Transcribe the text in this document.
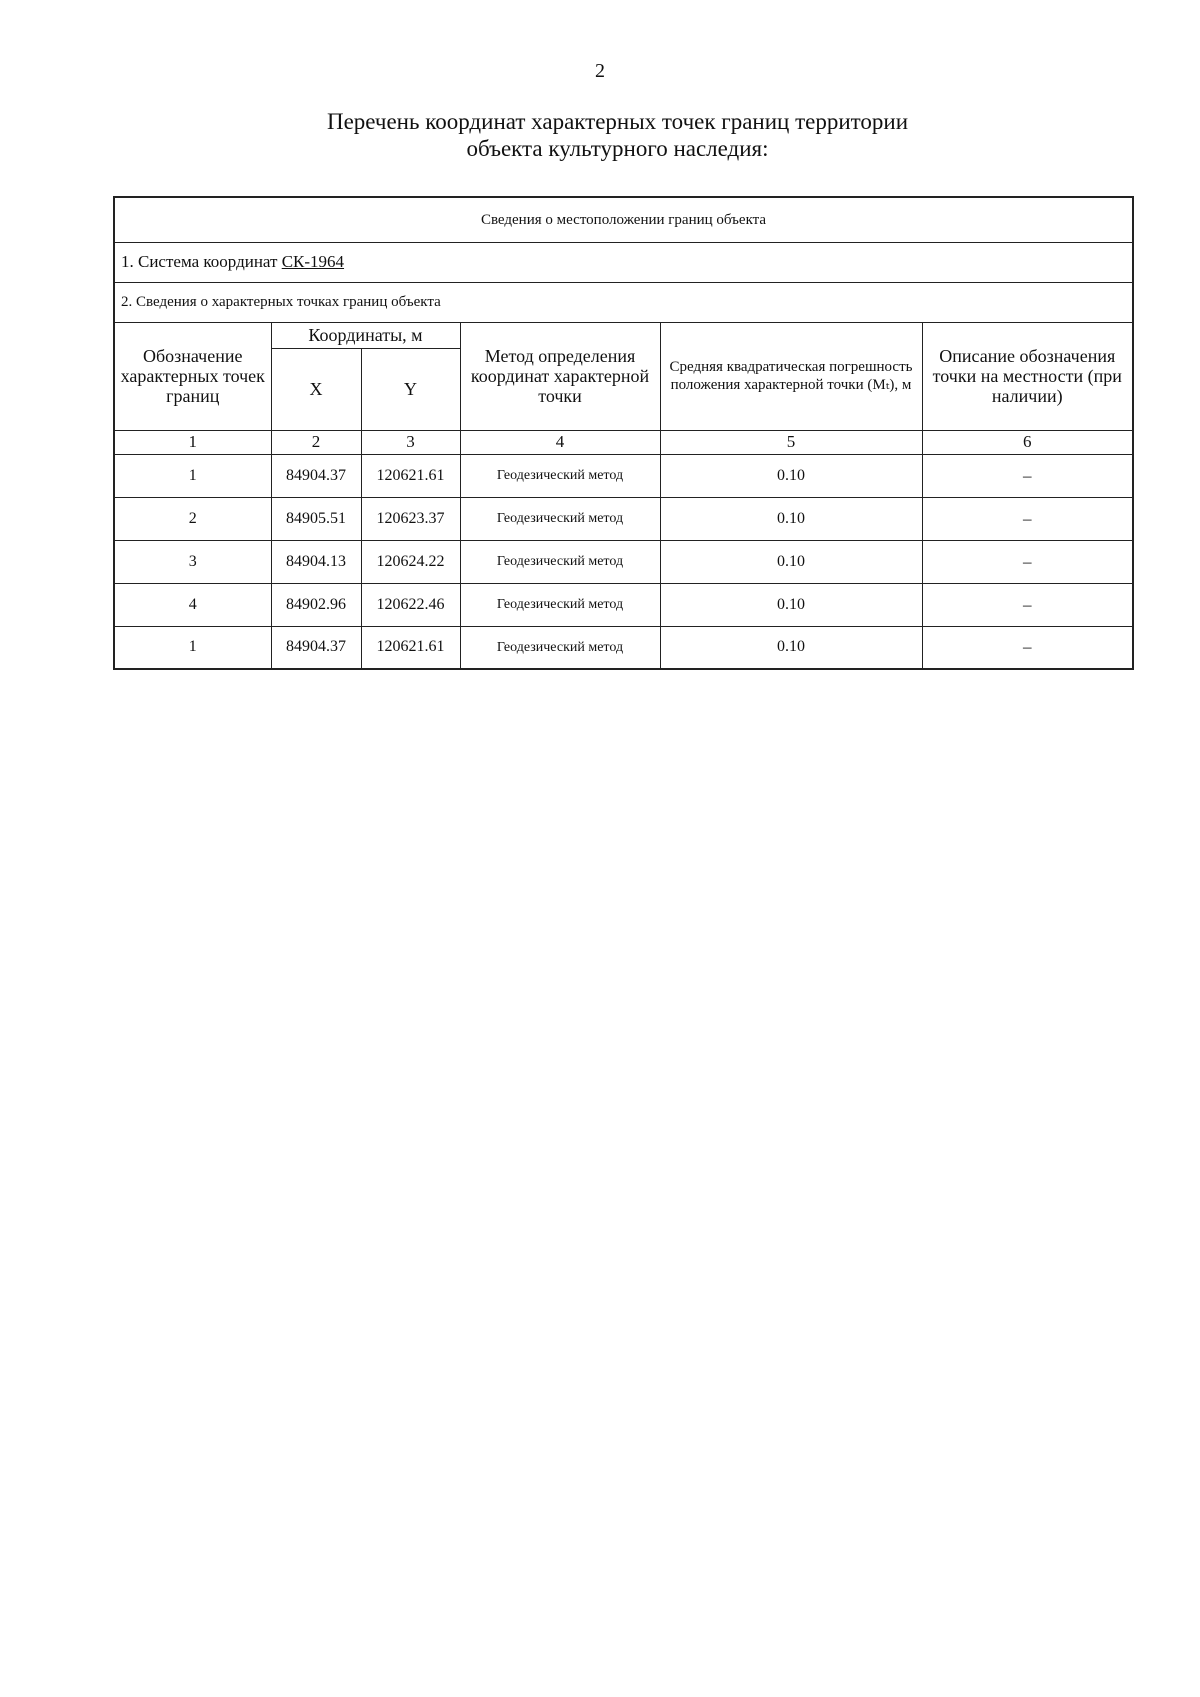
2
Перечень координат характерных точек границ территории
объекта культурного наследия:
Сведения о местоположении границ объекта					
1. Система координат СК-1964					
2. Сведения о характерных точках границ объекта					
Обозначение характерных точек границ	Координаты, м		Метод определения координат характерной точки	Средняя квадратическая погрешность положения характерной точки (Mₜ), м	Описание обозначения точки на местности (при наличии)
	X	Y			
1	2	3	4	5	6
1	84904.37	120621.61	Геодезический метод	0.10	–
2	84905.51	120623.37	Геодезический метод	0.10	–
3	84904.13	120624.22	Геодезический метод	0.10	–
4	84902.96	120622.46	Геодезический метод	0.10	–
1	84904.37	120621.61	Геодезический метод	0.10	–
